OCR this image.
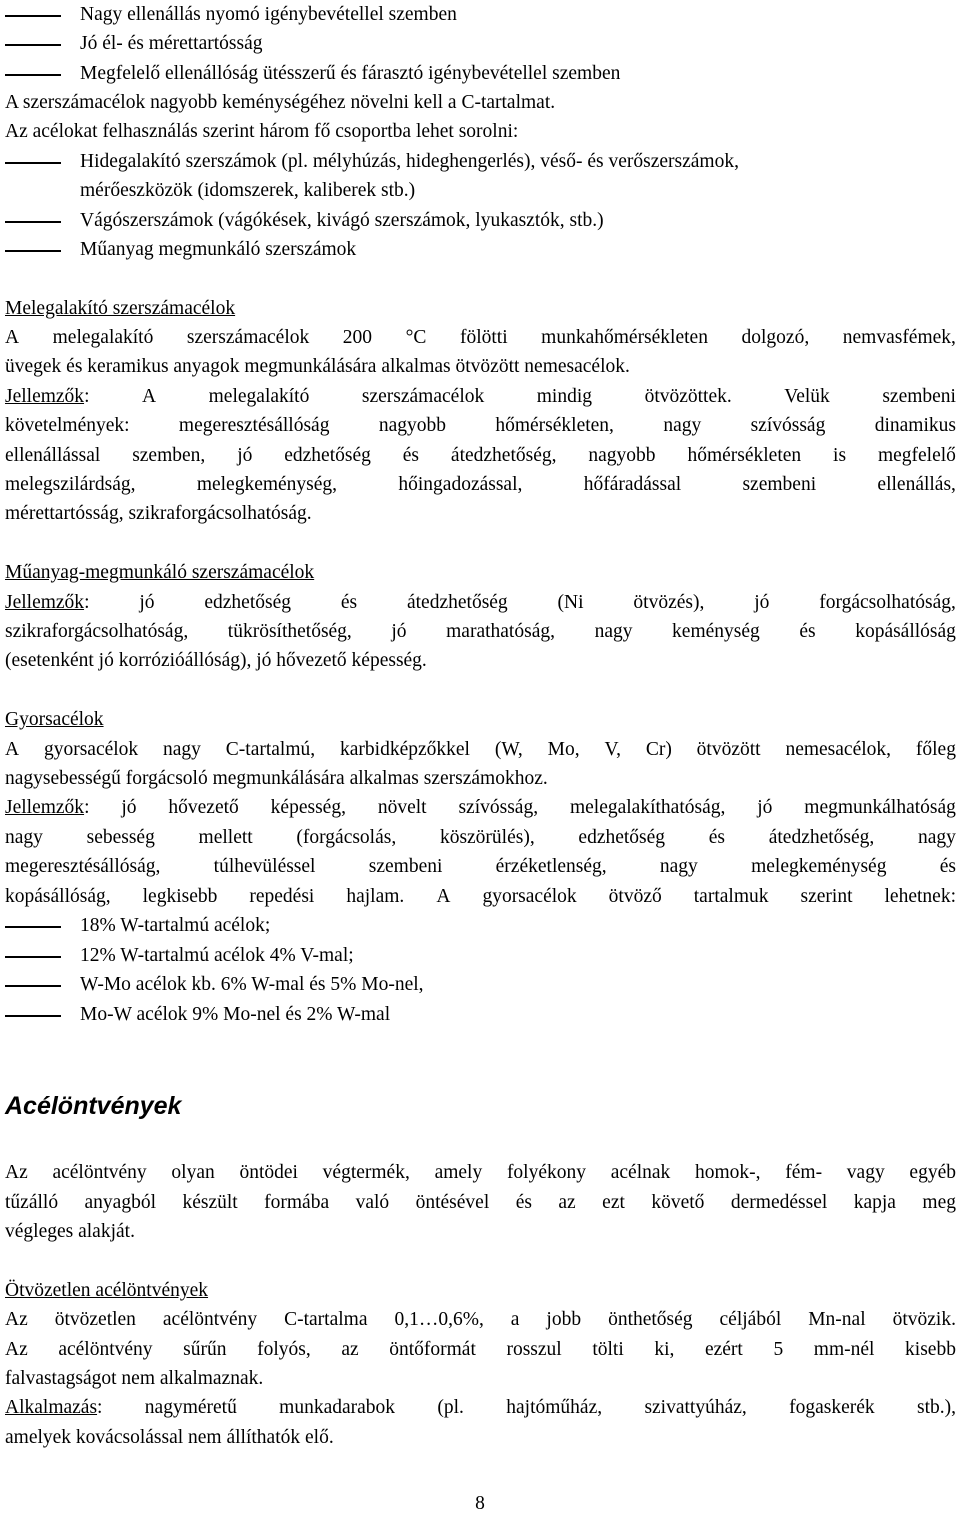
Nagy ellenállás nyomó igénybevétellel szemben
Jó él- és mérettartósság
Megfelelő ellenállóság ütésszerű és fárasztó igénybevétellel szemben
A szerszámacélok nagyobb keménységéhez növelni kell a C-tartalmat.
Az acélokat felhasználás szerint három fő csoportba lehet sorolni:
Hidegalakító szerszámok (pl. mélyhúzás, hideghengerlés), véső- és verőszerszámok,
mérőeszközök (idomszerek, kaliberek stb.)
Vágószerszámok (vágókések, kivágó szerszámok, lyukasztók, stb.)
Műanyag megmunkáló szerszámok
Melegalakító szerszámacélok
A melegalakító szerszámacélok 200 °C fölötti munkahőmérsékleten dolgozó, nemvasfémek,
üvegek és keramikus anyagok megmunkálására alkalmas ötvözött nemesacélok.
Jellemzők:	A	melegalakító	szerszámacélok	mindig	ötvözöttek.	Velük	szembeni
követelmények:	megeresztésállóság	nagyobb	hőmérsékleten,	nagy	szívósság	dinamikus
ellenállással szemben, jó edzhetőség és átedzhetőség, nagyobb hőmérsékleten is megfelelő
melegszilárdság,	melegkeménység,	hőingadozással,	hőfáradással	szembeni	ellenállás,
mérettartósság, szikraforgácsolhatóság.
Műanyag-megmunkáló szerszámacélok
Jellemzők:	jó	edzhetőség	és	átedzhetőség	(Ni	ötvözés),	jó	forgácsolhatóság,
szikraforgácsolhatóság, tükrösíthetőség, jó marathatóság, nagy keménység és kopásállóság
(esetenként jó korrózióállóság), jó hővezető képesség.
Gyorsacélok
A gyorsacélok nagy C-tartalmú, karbidképzőkkel (W, Mo, V, Cr) ötvözött nemesacélok, főleg
nagysebességű forgácsoló megmunkálására alkalmas szerszámokhoz.
Jellemzők: jó hővezető képesség, növelt szívósság, melegalakíthatóság, jó megmunkálhatóság
nagy sebesség mellett (forgácsolás, köszörülés), edzhetőség és átedzhetőség, nagy
megeresztésállóság,	túlhevüléssel	szembeni	érzéketlenség,	nagy	melegkeménység	és
kopásállóság, legkisebb repedési hajlam. A gyorsacélok ötvöző tartalmuk szerint lehetnek:
18% W-tartalmú acélok;
12% W-tartalmú acélok 4% V-mal;
W-Mo acélok kb. 6% W-mal és 5% Mo-nel,
Mo-W acélok 9% Mo-nel és 2% W-mal
Az acélöntvény olyan öntödei végtermék, amely folyékony acélnak homok-, fém- vagy egyéb
tűzálló anyagból készült formába való öntésével és az ezt követő dermedéssel kapja meg
végleges alakját.
Ötvözetlen acélöntvények
Az ötvözetlen acélöntvény C-tartalma 0,1…0,6%, a jobb önthetőség céljából Mn-nal ötvözik.
Az acélöntvény sűrűn folyós, az öntőformát rosszul tölti ki, ezért 5 mm-nél kisebb
falvastagságot nem alkalmaznak.
Alkalmazás: nagyméretű munkadarabok (pl. hajtóműház, szivattyúház, fogaskerék stb.),
amelyek kovácsolással nem állíthatók elő.
Acélöntvények
8
